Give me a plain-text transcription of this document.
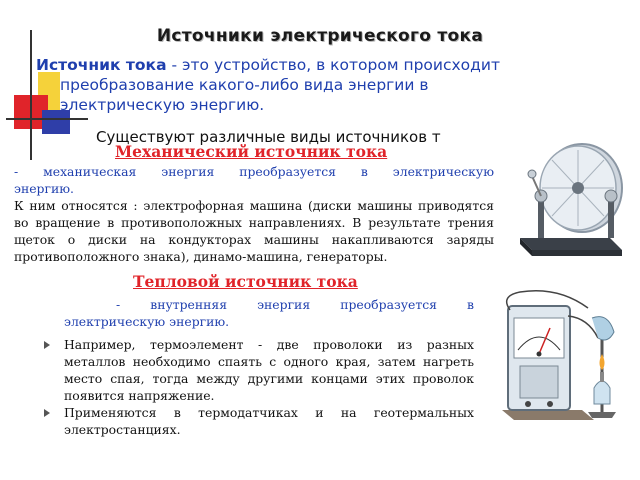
Источники электрического тока
Источник тока - это устройство, в котором происходит
преобразование какого-либо вида энергии в
электрическую энергию.
Существуют различные виды источников т
Механический источник тока
- механическая энергия преобразуется в электрическую
энергию.
К ним относятся : электрофорная машина (диски машины приводятся во вращение в противоположных направлениях. В результате трения щеток о диски на кондукторах машины накапливаются заряды противоположного знака), динамо-машина, генераторы.
Тепловой источник тока
- внутренняя энергия преобразуется в электрическую энергию.
Например, термоэлемент - две проволоки из разных металлов необходимо спаять с одного края, затем нагреть место спая, тогда между другими концами этих проволок появится напряжение.
Применяются в термодатчиках и на геотермальных электростанциях.
